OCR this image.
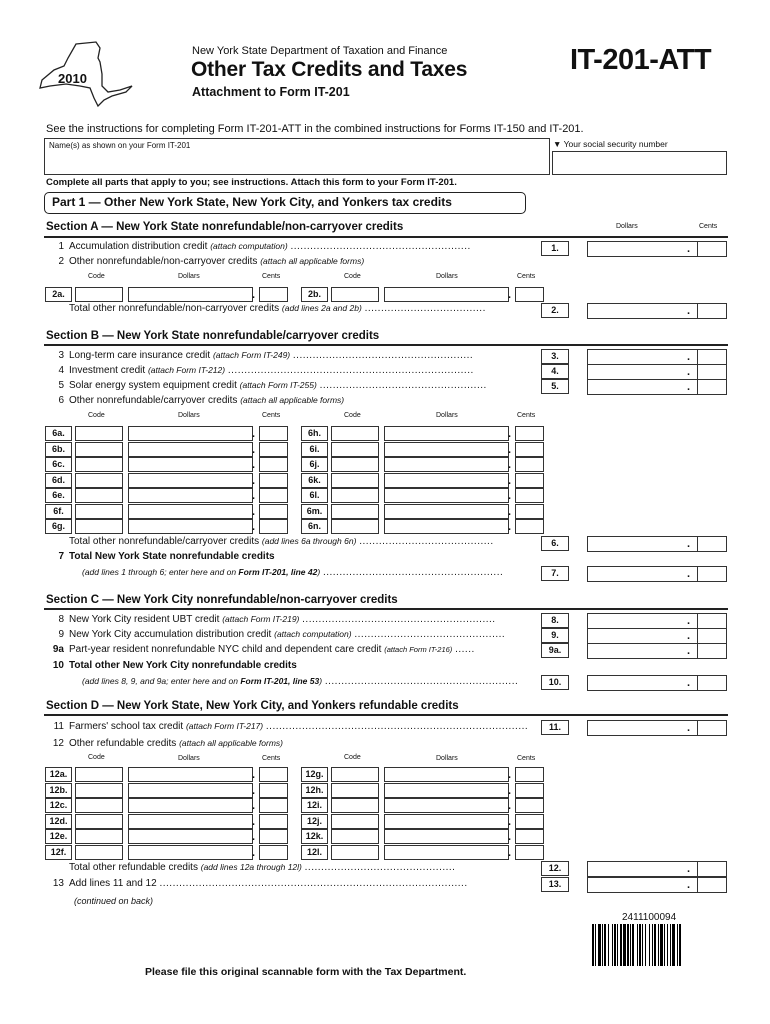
2010
New York State Department of Taxation and Finance
Other Tax Credits and Taxes
Attachment to Form IT-201
IT-201-ATT
See the instructions for completing Form IT-201-ATT in the combined instructions for Forms IT-150 and IT-201.
Name(s) as shown on your Form IT-201	▼ Your social security number
Complete all parts that apply to you; see instructions. Attach this form to your Form IT-201.
Part 1 — Other New York State, New York City, and Yonkers tax credits
Section A — New York State nonrefundable/non-carryover credits	Dollars	Cents
1 Accumulation distribution credit (attach computation) .......................................................	1.	.
2 Other nonrefundable/non-carryover credits (attach all applicable forms)
Code	Dollars	Cents	Code	Dollars	Cents
2a.	.	2b.	.
Total other nonrefundable/non-carryover credits (add lines 2a and 2b) .....................................	2.	.
Section B — New York State nonrefundable/carryover credits
3 Long-term care insurance credit (attach Form IT-249) .......................................................	3.	.
4 Investment credit (attach Form IT-212) ...........................................................................	4.	.
5 Solar energy system equipment credit (attach Form IT-255) ...................................................	5.	.
6 Other nonrefundable/carryover credits (attach all applicable forms)
Code	Dollars	Cents	Code	Dollars	Cents
6a.	.	6h.	.
6b.	.	6i.	.
6c.	.	6j.	.
6d.	.	6k.	.
6e.	.	6l.	.
6f.	.	6m.	.
6g.	.	6n.	.
Total other nonrefundable/carryover credits (add lines 6a through 6n) .........................................	6.	.
7 Total New York State nonrefundable credits
(add lines 1 through 6; enter here and on Form IT-201, line 42) .......................................................	7.	.
Section C — New York City nonrefundable/non-carryover credits
8 New York City resident UBT credit (attach Form IT-219) ...........................................................	8.	.
9 New York City accumulation distribution credit (attach computation) ..............................................	9.	.
9a Part-year resident nonrefundable NYC child and dependent care credit (attach Form IT-216) ......	9a.	.
10 Total other New York City nonrefundable credits
(add lines 8, 9, and 9a; enter here and on Form IT-201, line 53) ...........................................................	10.	.
Section D — New York State, New York City, and Yonkers refundable credits
11 Farmers' school tax credit (attach Form IT-217) ................................................................................	11.	.
12 Other refundable credits (attach all applicable forms)
Code	Dollars	Cents	Code	Dollars	Cents
12a.	.	12g.	.
12b.	.	12h.	.
12c.	.	12i.	.
12d.	.	12j.	.
12e.	.	12k.	.
12f.	.	12l.	.
Total other refundable credits (add lines 12a through 12l) ..............................................	12.	.
13 Add lines 11 and 12 ..............................................................................................	13.	.
(continued on back)
2411100094
Please file this original scannable form with the Tax Department.
